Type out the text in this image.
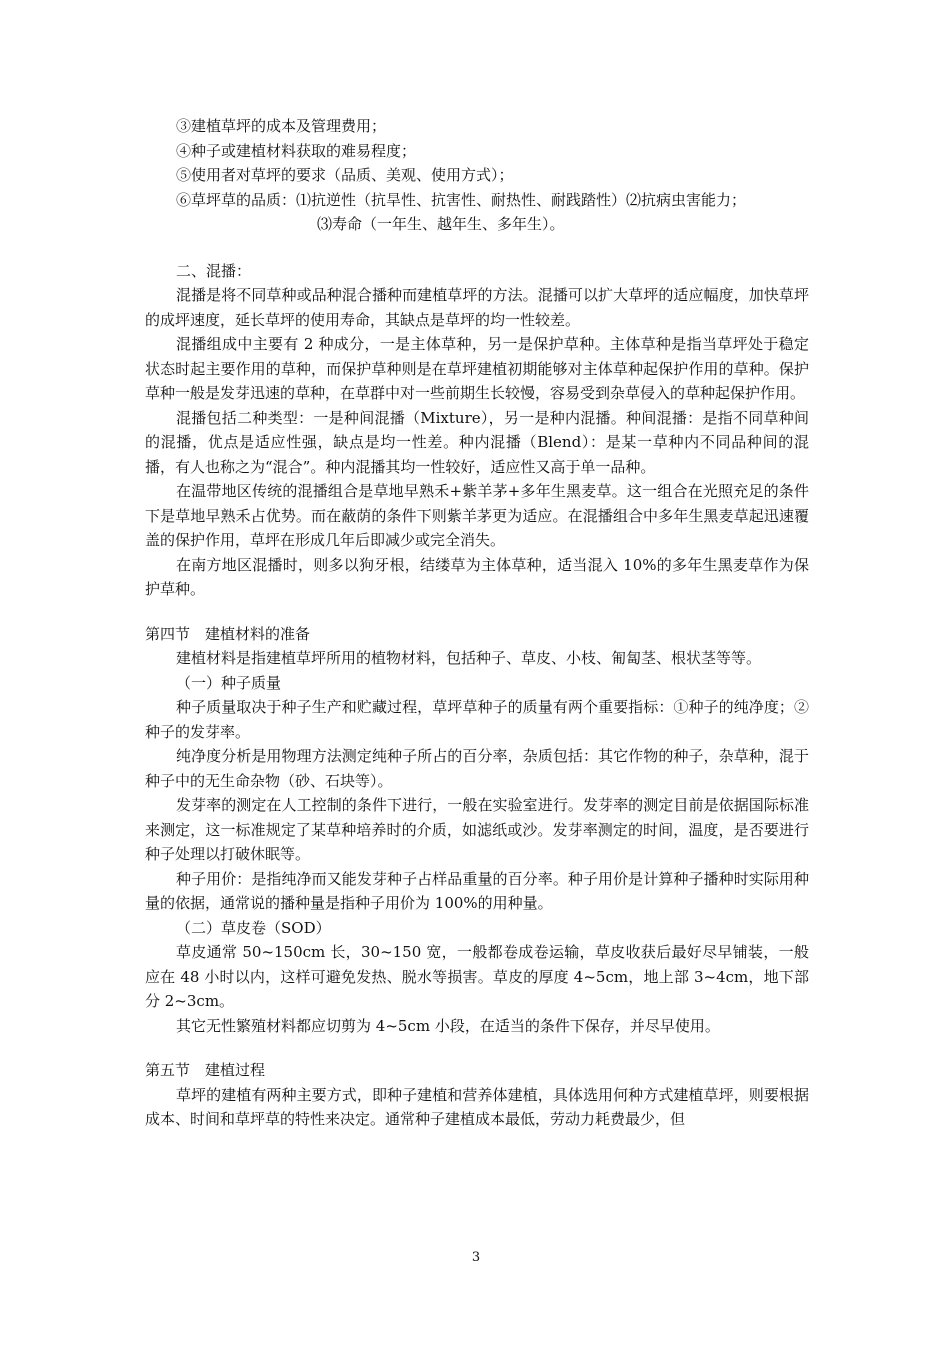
③建植草坪的成本及管理费用；
④种子或建植材料获取的难易程度；
⑤使用者对草坪的要求（品质、美观、使用方式）；
⑥草坪草的品质：⑴抗逆性（抗旱性、抗害性、耐热性、耐践踏性）⑵抗病虫害能力；
⑶寿命（一年生、越年生、多年生）。
二、混播：
混播是将不同草种或品种混合播种而建植草坪的方法。混播可以扩大草坪的适应幅度，加快草坪的成坪速度，延长草坪的使用寿命，其缺点是草坪的均一性较差。
混播组成中主要有 2 种成分，一是主体草种，另一是保护草种。主体草种是指当草坪处于稳定状态时起主要作用的草种，而保护草种则是在草坪建植初期能够对主体草种起保护作用的草种。保护草种一般是发芽迅速的草种，在草群中对一些前期生长较慢，容易受到杂草侵入的草种起保护作用。
混播包括二种类型：一是种间混播（Mixture），另一是种内混播。种间混播：是指不同草种间的混播，优点是适应性强，缺点是均一性差。种内混播（Blend）：是某一草种内不同品种间的混播，有人也称之为“混合”。种内混播其均一性较好，适应性又高于单一品种。
在温带地区传统的混播组合是草地早熟禾+紫羊茅+多年生黑麦草。这一组合在光照充足的条件下是草地早熟禾占优势。而在蔽荫的条件下则紫羊茅更为适应。在混播组合中多年生黑麦草起迅速覆盖的保护作用，草坪在形成几年后即减少或完全消失。
在南方地区混播时，则多以狗牙根，结缕草为主体草种，适当混入 10%的多年生黑麦草作为保护草种。
第四节　建植材料的准备
建植材料是指建植草坪所用的植物材料，包括种子、草皮、小枝、匍匐茎、根状茎等等。
（一）种子质量
种子质量取决于种子生产和贮藏过程，草坪草种子的质量有两个重要指标：①种子的纯净度；②种子的发芽率。
纯净度分析是用物理方法测定纯种子所占的百分率，杂质包括：其它作物的种子，杂草种，混于种子中的无生命杂物（砂、石块等）。
发芽率的测定在人工控制的条件下进行，一般在实验室进行。发芽率的测定目前是依据国际标准来测定，这一标准规定了某草种培养时的介质，如滤纸或沙。发芽率测定的时间，温度，是否要进行种子处理以打破休眠等。
种子用价：是指纯净而又能发芽种子占样品重量的百分率。种子用价是计算种子播种时实际用种量的依据，通常说的播种量是指种子用价为 100%的用种量。
（二）草皮卷（SOD）
草皮通常 50~150cm 长，30~150 宽，一般都卷成卷运输，草皮收获后最好尽早铺装，一般应在 48 小时以内，这样可避免发热、脱水等损害。草皮的厚度 4~5cm，地上部 3~4cm，地下部分 2~3cm。
其它无性繁殖材料都应切剪为 4~5cm 小段，在适当的条件下保存，并尽早使用。
第五节　建植过程
草坪的建植有两种主要方式，即种子建植和营养体建植，具体选用何种方式建植草坪，则要根据成本、时间和草坪草的特性来决定。通常种子建植成本最低，劳动力耗费最少，但
3
